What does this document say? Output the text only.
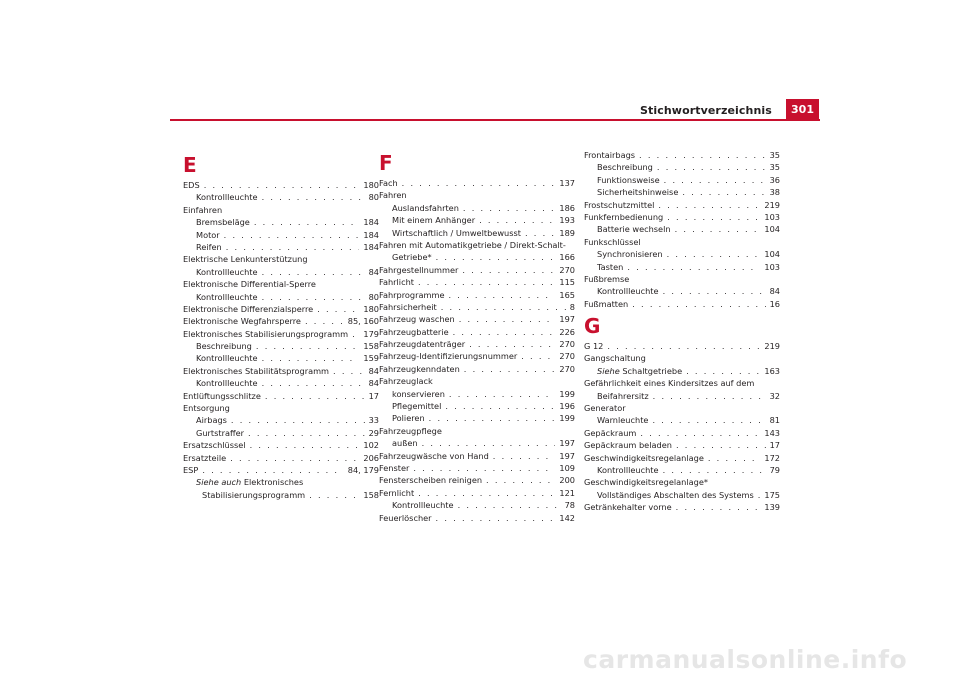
Stichwortverzeichnis	301
E
EDS . . .	180
Kontrollleuchte . . .	80
Einfahren
Bremsbeläge . . .	184
Motor . . .	184
Reifen . . .	184
Elektrische Lenkunterstützung
Kontrollleuchte . . .	84
Elektronische Differential-Sperre
Kontrollleuchte . . .	80
Elektronische Differenzialsperre . . .	180
Elektronische Wegfahrsperre . . .	85, 160
Elektronisches Stabilisierungsprogramm . . . 179
Beschreibung . . .	158
Kontrollleuchte . . .	159
Elektronisches Stabilitätsprogramm . . .	84
Kontrollleuchte . . .	84
Entlüftungsschlitze . . .	17
Entsorgung
Airbags . . .	33
Gurtstraffer . . .	29
Ersatzschlüssel . . .	102
Ersatzteile . . .	206
ESP . . .	84, 179
Siehe auch Elektronisches
Stabilisierungsprogramm . . .	158
F
Fach . . .	137
Fahren
Auslandsfahrten . . .	186
Mit einem Anhänger . . .	193
Wirtschaftlich / Umweltbewusst . . .	189
Fahren mit Automatikgetriebe / Direkt-Schalt-
Getriebe* . . .	166
Fahrgestellnummer . . .	270
Fahrlicht . . .	115
Fahrprogramme . . .	165
Fahrsicherheit . . .	8
Fahrzeug waschen . . .	197
Fahrzeugbatterie . . .	226
Fahrzeugdatenträger . . .	270
Fahrzeug-Identifizierungsnummer . . .	270
Fahrzeugkenndaten . . .	270
Fahrzeuglack
konservieren . . .	199
Pflegemittel . . .	196
Polieren . . .	199
Fahrzeugpflege
außen . . .	197
Fahrzeugwäsche von Hand . . .	197
Fenster . . .	109
Fensterscheiben reinigen . . .	200
Fernlicht . . .	121
Kontrollleuchte . . .	78
Feuerlöscher . . .	142
Frontairbags . . .	35
Beschreibung . . .	35
Funktionsweise . . .	36
Sicherheitshinweise . . .	38
Frostschutzmittel . . .	219
Funkfernbedienung . . .	103
Batterie wechseln . . .	104
Funkschlüssel
Synchronisieren . . .	104
Tasten . . .	103
Fußbremse
Kontrollleuchte . . .	84
Fußmatten . . .	16
G
G 12 . . .	219
Gangschaltung
Siehe Schaltgetriebe . . .	163
Gefährlichkeit eines Kindersitzes auf dem
Beifahrersitz . . .	32
Generator
Warnleuchte . . .	81
Gepäckraum . . .	143
Gepäckraum beladen . . .	17
Geschwindigkeitsregelanlage . . .	172
Kontrollleuchte . . .	79
Geschwindigkeitsregelanlage*
Vollständiges Abschalten des Systems . . . 175
Getränkehalter vorne . . .	139
carmanualsonline.info
